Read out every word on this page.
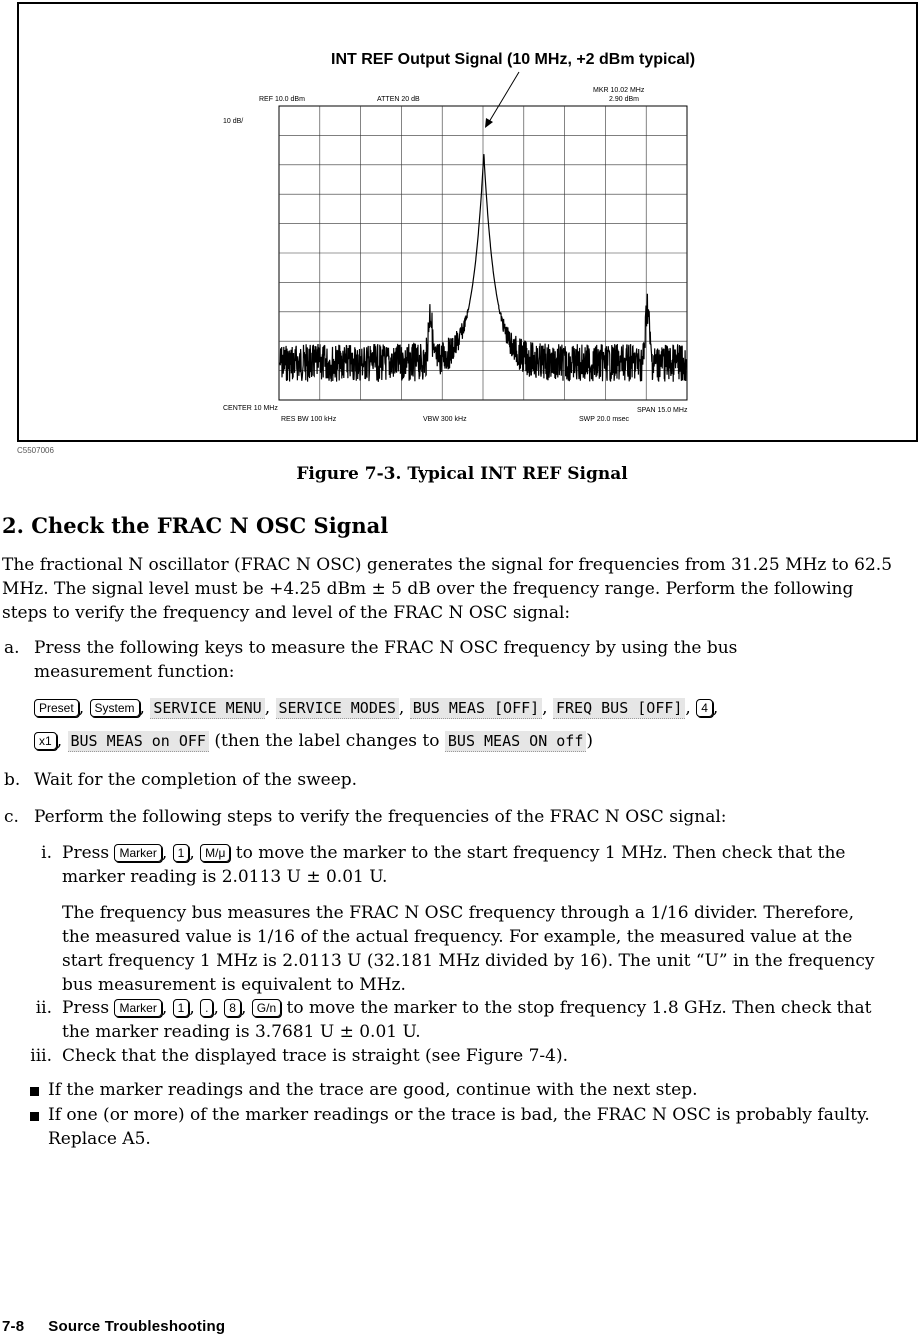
INT REF Output Signal (10 MHz, +2 dBm typical)
REF 10.0 dBm	ATTEN 20 dB
MKR 10.02 MHz
2.90 dBm
10 dB/
CENTER 10 MHz	SPAN 15.0 MHz
RES BW 100 kHz	VBW 300 kHz	SWP 20.0 msec
C5507006
Figure 7-3. Typical INT REF Signal
2. Check the FRAC N OSC Signal

The fractional N oscillator (FRAC N OSC) generates the signal for frequencies from 31.25 MHz to 62.5 MHz. The signal level must be +4.25 dBm ± 5 dB over the frequency range. Perform the following steps to verify the frequency and level of the FRAC N OSC signal:

a. Press the following keys to measure the FRAC N OSC frequency by using the bus measurement function:
Preset , System , SERVICE MENU , SERVICE MODES , BUS MEAS [OFF] , FREQ BUS [OFF] , 4 ,
x1 , BUS MEAS on OFF (then the label changes to BUS MEAS ON off )
b. Wait for the completion of the sweep.
c. Perform the following steps to verify the frequencies of the FRAC N OSC signal:
i. Press Marker , 1 , M/μ to move the marker to the start frequency 1 MHz. Then check that the marker reading is 2.0113 U ± 0.01 U.
The frequency bus measures the FRAC N OSC frequency through a 1/16 divider. Therefore, the measured value is 1/16 of the actual frequency. For example, the measured value at the start frequency 1 MHz is 2.0113 U (32.181 MHz divided by 16). The unit “U” in the frequency bus measurement is equivalent to MHz.
ii. Press Marker , 1 , . , 8 , G/n to move the marker to the stop frequency 1.8 GHz. Then check that the marker reading is 3.7681 U ± 0.01 U.
iii. Check that the displayed trace is straight (see Figure 7-4).
If the marker readings and the trace are good, continue with the next step.
If one (or more) of the marker readings or the trace is bad, the FRAC N OSC is probably faulty. Replace A5.
7-8 Source Troubleshooting
